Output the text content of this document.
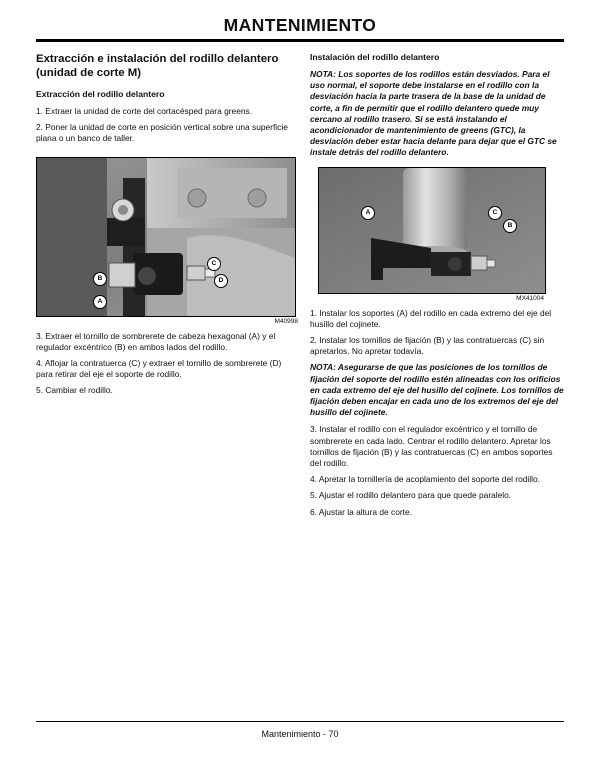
MANTENIMIENTO
Extracción e instalación del rodillo delantero (unidad de corte M)
Extracción del rodillo delantero

1. Extraer la unidad de corte del cortacésped para greens.

2. Poner la unidad de corte en posición vertical sobre una superficie plana o un banco de taller.

A
B
C
D
M40998

3. Extraer el tornillo de sombrerete de cabeza hexagonal (A) y el regulador excéntrico (B) en ambos lados del rodillo.

4. Aflojar la contratuerca (C) y extraer el tornillo de sombrerete (D) para retirar del eje el soporte de rodillo.

5. Cambiar el rodillo.

Instalación del rodillo delantero
NOTA: Los soportes de los rodillos están desviados. Para el uso normal, el soporte debe instalarse en el rodillo con la desviación hacia la parte trasera de la base de la unidad de corte, a fin de permitir que el rodillo delantero quede muy cercano al rodillo trasero. Si se está instalando el acondicionador de mantenimiento de greens (GTC), la desviación deber estar hacia delante para dejar que el GTC se instale detrás del rodillo delantero.
A	C
B
MX41004

1. Instalar los soportes (A) del rodillo en cada extremo del eje del husillo del cojinete.

2. Instalar los tornillos de fijación (B) y las contratuercas (C) sin apretarlos. No apretar todavía.

NOTA: Asegurarse de que las posiciones de los tornillos de fijación del soporte del rodillo estén alineadas con los orificios en cada extremo del eje del husillo del cojinete. Los tornillos de fijación deben encajar en cada uno de los extremos del eje del husillo del cojinete.

3. Instalar el rodillo con el regulador excéntrico y el tornillo de sombrerete en cada lado. Centrar el rodillo delantero. Apretar los tornillos de fijación (B) y las contratuercas (C) en ambos soportes del rodillo.

4. Apretar la tornillería de acoplamiento del soporte del rodillo.

5. Ajustar el rodillo delantero para que quede paralelo.

6. Ajustar la altura de corte.

Mantenimiento - 70
